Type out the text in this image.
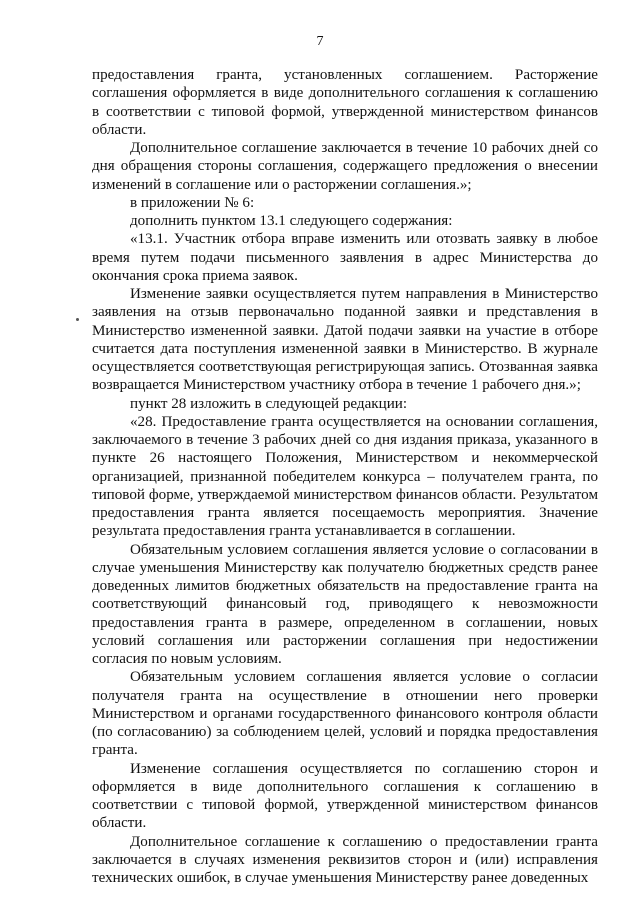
7

предоставления гранта, установленных соглашением. Расторжение соглашения оформляется в виде дополнительного соглашения к соглашению в соответствии с типовой формой, утвержденной министерством финансов области.

Дополнительное соглашение заключается в течение 10 рабочих дней со дня обращения стороны соглашения, содержащего предложения о внесении изменений в соглашение или о расторжении соглашения.»;

в приложении № 6:

дополнить пунктом 13.1 следующего содержания:

«13.1. Участник отбора вправе изменить или отозвать заявку в любое время путем подачи письменного заявления в адрес Министерства до окончания срока приема заявок.

Изменение заявки осуществляется путем направления в Министерство заявления на отзыв первоначально поданной заявки и представления в Министерство измененной заявки. Датой подачи заявки на участие в отборе считается дата поступления измененной заявки в Министерство. В журнале осуществляется соответствующая регистрирующая запись. Отозванная заявка возвращается Министерством участнику отбора в течение 1 рабочего дня.»;

пункт 28 изложить в следующей редакции:

«28. Предоставление гранта осуществляется на основании соглашения, заключаемого в течение 3 рабочих дней со дня издания приказа, указанного в пункте 26 настоящего Положения, Министерством и некоммерческой организацией, признанной победителем конкурса – получателем гранта, по типовой форме, утверждаемой министерством финансов области. Результатом предоставления гранта является посещаемость мероприятия. Значение результата предоставления гранта устанавливается в соглашении.

Обязательным условием соглашения является условие о согласовании в случае уменьшения Министерству как получателю бюджетных средств ранее доведенных лимитов бюджетных обязательств на предоставление гранта на соответствующий финансовый год, приводящего к невозможности предоставления гранта в размере, определенном в соглашении, новых условий соглашения или расторжении соглашения при недостижении согласия по новым условиям.

Обязательным условием соглашения является условие о согласии получателя гранта на осуществление в отношении него проверки Министерством и органами государственного финансового контроля области (по согласованию) за соблюдением целей, условий и порядка предоставления гранта.

Изменение соглашения осуществляется по соглашению сторон и оформляется в виде дополнительного соглашения к соглашению в соответствии с типовой формой, утвержденной министерством финансов области.

Дополнительное соглашение к соглашению о предоставлении гранта заключается в случаях изменения реквизитов сторон и (или) исправления технических ошибок, в случае уменьшения Министерству ранее доведенных
